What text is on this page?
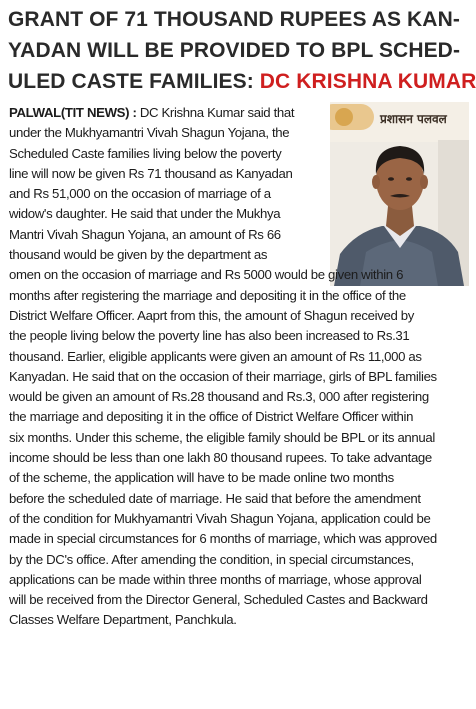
GRANT OF 71 THOUSAND RUPEES AS KAN-
YADAN WILL BE PROVIDED TO BPL SCHED-
ULED CASTE FAMILIES: DC KRISHNA KUMAR
प्रशासन पलवल
PALWAL(TIT NEWS) : DC Krishna Kumar said that
under the Mukhyamantri Vivah Shagun Yojana, the
Scheduled Caste families living below the poverty
line will now be given Rs 71 thousand as Kanyadan
and Rs 51,000 on the occasion of marriage of a
widow's daughter. He said that under the Mukhya
Mantri Vivah Shagun Yojana, an amount of Rs 66
thousand would be given by the department as
omen on the occasion of marriage and Rs 5000 would be given within 6
months after registering the marriage and depositing it in the office of the
District Welfare Officer. Aaprt from this, the amount of Shagun received by
the people living below the poverty line has also been increased to Rs.31
thousand. Earlier, eligible applicants were given an amount of Rs 11,000 as
Kanyadan. He said that on the occasion of their marriage, girls of BPL families
would be given an amount of Rs.28 thousand and Rs.3, 000 after registering
the marriage and depositing it in the office of District Welfare Officer within
six months. Under this scheme, the eligible family should be BPL or its annual
income should be less than one lakh 80 thousand rupees. To take advantage
of the scheme, the application will have to be made online two months
before the scheduled date of marriage. He said that before the amendment
of the condition for Mukhyamantri Vivah Shagun Yojana, application could be
made in special circumstances for 6 months of marriage, which was approved
by the DC's office. After amending the condition, in special circumstances,
applications can be made within three months of marriage, whose approval
will be received from the Director General, Scheduled Castes and Backward
Classes Welfare Department, Panchkula.
